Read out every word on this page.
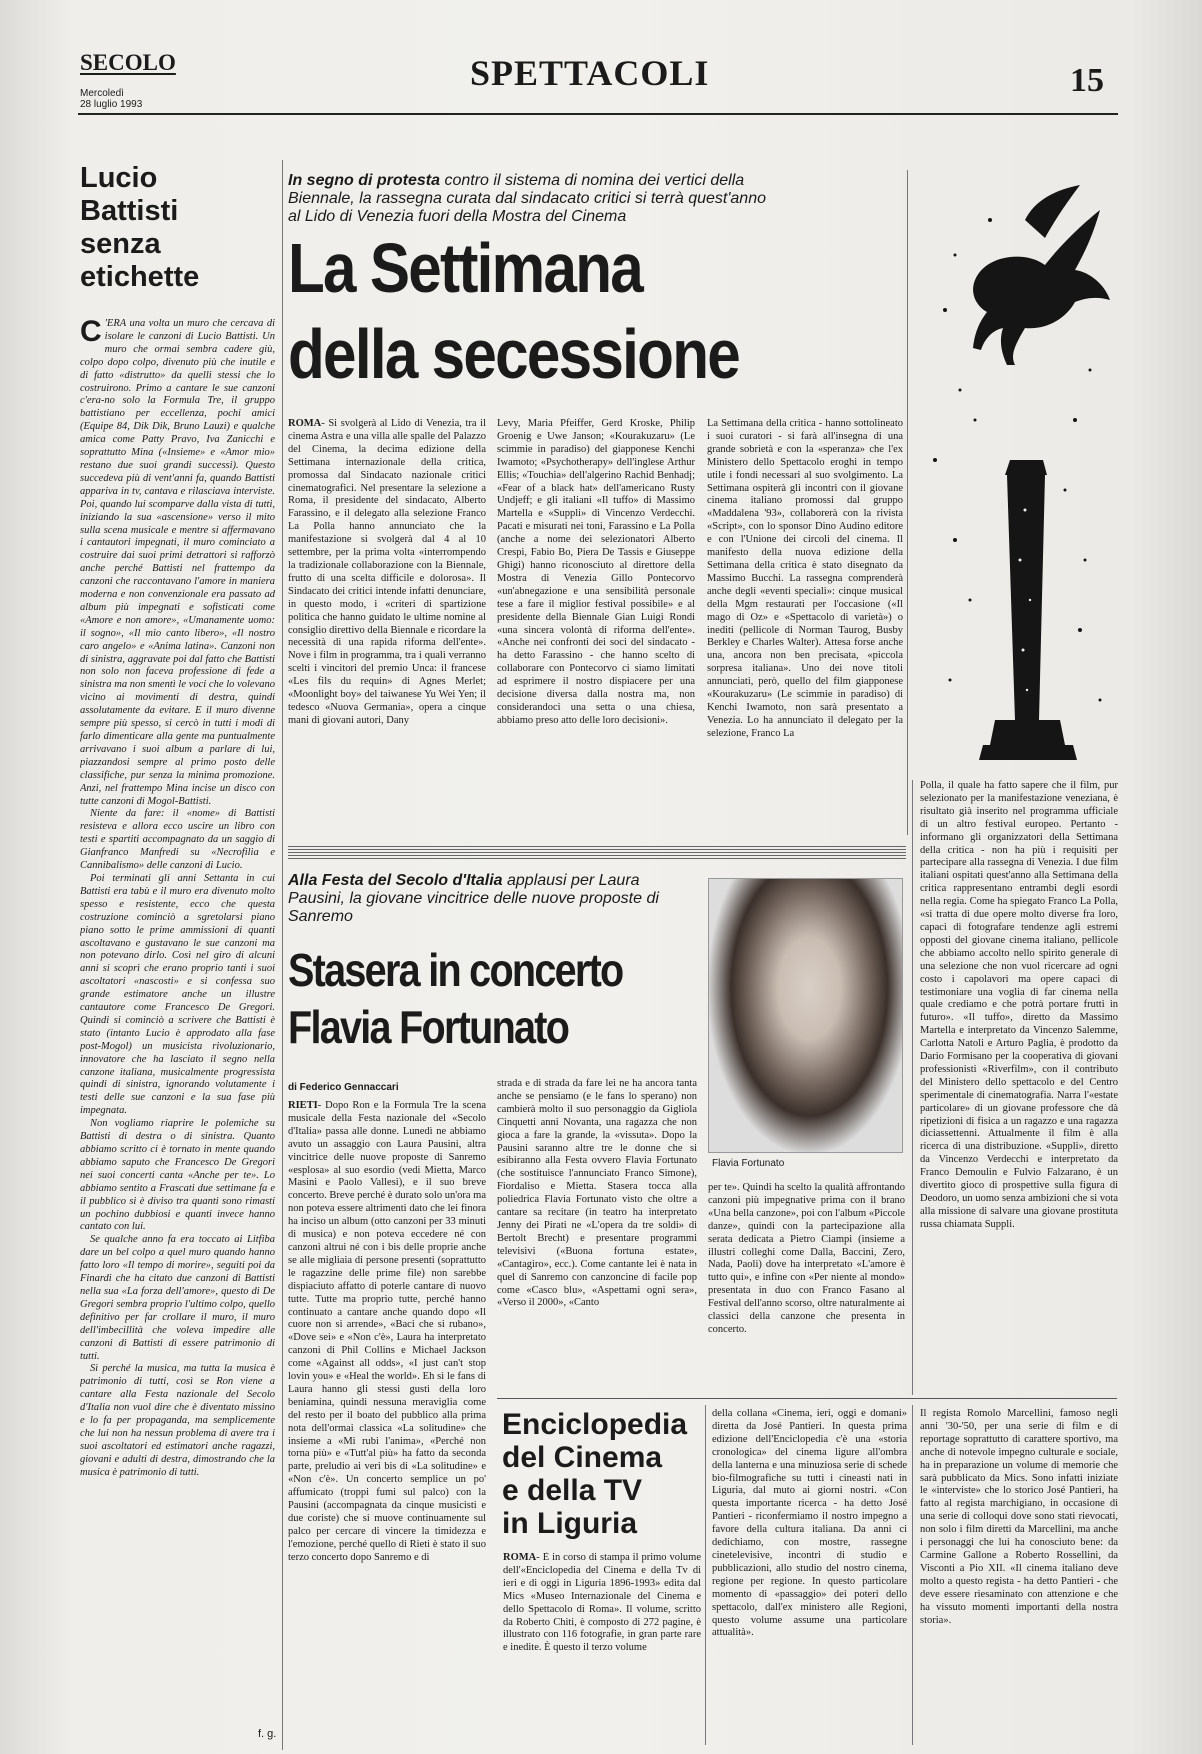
SECOLO
Mercoledì
28 luglio 1993
SPETTACOLI	15
Lucio
Battisti
senza
etichette

C 'ERA una volta un muro che cercava di isolare le canzoni di Lucio Battisti. Un muro che ormai sembra cadere giù, colpo dopo colpo, divenuto più che inutile e di fatto «distrutto» da quelli stessi che lo costruirono. Primo a cantare le sue canzoni c'era-no solo la Formula Tre, il gruppo battistiano per eccellenza, pochi amici (Equipe 84, Dik Dik, Bruno Lauzi) e qualche amica come Patty Pravo, Iva Zanicchi e soprattutto Mina («Insieme» e «Amor mio» restano due suoi grandi successi). Questo succedeva più di vent'anni fa, quando Battisti appariva in tv, cantava e rilasciava interviste. Poi, quando lui scomparve dalla vista di tutti, iniziando la sua «ascensione» verso il mito sulla scena musicale e mentre si affermavano i cantautori impegnati, il muro cominciato a costruire dai suoi primi detrattori si rafforzò anche perché Battisti nel frattempo da canzoni che raccontavano l'amore in maniera moderna e non convenzionale era passato ad album più impegnati e sofisticati come «Amore e non amore», «Umanamente uomo: il sogno», «Il mio canto libero», «Il nostro caro angelo» e «Anima latina». Canzoni non di sinistra, aggravate poi dal fatto che Battisti non solo non faceva professione di fede a sinistra ma non smentì le voci che lo volevano vicino ai movimenti di destra, quindi assolutamente da evitare. E il muro divenne sempre più spesso, si cercò in tutti i modi di farlo dimenticare alla gente ma puntualmente arrivavano i suoi album a parlare di lui, piazzandosi sempre al primo posto delle classifiche, pur senza la minima promozione. Anzi, nel frattempo Mina incise un disco con tutte canzoni di Mogol-Battisti.

Niente da fare: il «nome» di Battisti resisteva e allora ecco uscire un libro con testi e spartiti accompagnato da un saggio di Gianfranco Manfredi su «Necrofilia e Cannibalismo» delle canzoni di Lucio.

Poi terminati gli anni Settanta in cui Battisti era tabù e il muro era divenuto molto spesso e resistente, ecco che questa costruzione cominciò a sgretolarsi piano piano sotto le prime ammissioni di quanti ascoltavano e gustavano le sue canzoni ma non potevano dirlo. Così nel giro di alcuni anni si scoprì che erano proprio tanti i suoi ascoltatori «nascosti» e si confessa suo grande estimatore anche un illustre cantautore come Francesco De Gregori. Quindi si cominciò a scrivere che Battisti è stato (intanto Lucio è approdato alla fase post-Mogol) un musicista rivoluzionario, innovatore che ha lasciato il segno nella canzone italiana, musicalmente progressista quindi di sinistra, ignorando volutamente i testi delle sue canzoni e la sua fase più impegnata.

Non vogliamo riaprire le polemiche su Battisti di destra o di sinistra. Quanto abbiamo scritto ci è tornato in mente quando abbiamo saputo che Francesco De Gregori nei suoi concerti canta «Anche per te». Lo abbiamo sentito a Frascati due settimane fa e il pubblico si è diviso tra quanti sono rimasti un pochino dubbiosi e quanti invece hanno cantato con lui.

Se qualche anno fa era toccato ai Litfiba dare un bel colpo a quel muro quando hanno fatto loro «Il tempo di morire», seguiti poi da Finardi che ha citato due canzoni di Battisti nella sua «La forza dell'amore», questo di De Gregori sembra proprio l'ultimo colpo, quello definitivo per far crollare il muro, il muro dell'imbecillità che voleva impedire alle canzoni di Battisti di essere patrimonio di tutti.

Sì perché la musica, ma tutta la musica è patrimonio di tutti, così se Ron viene a cantare alla Festa nazionale del Secolo d'Italia non vuol dire che è diventato missino e lo fa per propaganda, ma semplicemente che lui non ha nessun problema di avere tra i suoi ascoltatori ed estimatori anche ragazzi, giovani e adulti di destra, dimostrando che la musica è patrimonio di tutti.

f. g.
In segno di protesta contro il sistema di nomina dei vertici della Biennale, la rassegna curata dal sindacato critici si terrà quest'anno al Lido di Venezia fuori della Mostra del Cinema
La Settimana
della secessione
ROMA- Si svolgerà al Lido di Venezia, tra il cinema Astra e una villa alle spalle del Palazzo del Cinema, la decima edizione della Settimana internazionale della critica, promossa dal Sindacato nazionale critici cinematografici. Nel presentare la selezione a Roma, il presidente del sindacato, Alberto Farassino, e il delegato alla selezione Franco La Polla hanno annunciato che la manifestazione si svolgerà dal 4 al 10 settembre, per la prima volta «interrompendo la tradizionale collaborazione con la Biennale, frutto di una scelta difficile e dolorosa». Il Sindacato dei critici intende infatti denunciare, in questo modo, i «criteri di spartizione politica che hanno guidato le ultime nomine al consiglio direttivo della Biennale e ricordare la necessità di una rapida riforma dell'ente». Nove i film in programma, tra i quali verranno scelti i vincitori del premio Unca: il francese «Les fils du requin» di Agnes Merlet; «Moonlight boy» del taiwanese Yu Wei Yen; il tedesco «Nuova Germania», opera a cinque mani di giovani autori, Dany
Levy, Maria Pfeiffer, Gerd Kroske, Philip Groenig e Uwe Janson; «Kourakuzaru» (Le scimmie in paradiso) del giapponese Kenchi Iwamoto; «Psychotherapy» dell'inglese Arthur Ellis; «Touchia» dell'algerino Rachid Benhadj; «Fear of a black hat» dell'americano Rusty Undjeff; e gli italiani «Il tuffo» di Massimo Martella e «Suppli» di Vincenzo Verdecchi. Pacati e misurati nei toni, Farassino e La Polla (anche a nome dei selezionatori Alberto Crespi, Fabio Bo, Piera De Tassis e Giuseppe Ghigi) hanno riconosciuto al direttore della Mostra di Venezia Gillo Pontecorvo «un'abnegazione e una sensibilità personale tese a fare il miglior festival possibile» e al presidente della Biennale Gian Luigi Rondi «una sincera volontà di riforma dell'ente». «Anche nei confronti dei soci del sindacato - ha detto Farassino - che hanno scelto di collaborare con Pontecorvo ci siamo limitati ad esprimere il nostro dispiacere per una decisione diversa dalla nostra ma, non considerandoci una setta o una chiesa, abbiamo preso atto delle loro decisioni».
La Settimana della critica - hanno sottolineato i suoi curatori - si farà all'insegna di una grande sobrietà e con la «speranza» che l'ex Ministero dello Spettacolo eroghi in tempo utile i fondi necessari al suo svolgimento. La Settimana ospiterà gli incontri con il giovane cinema italiano promossi dal gruppo «Maddalena '93», collaborerà con la rivista «Script», con lo sponsor Dino Audino editore e con l'Unione dei circoli del cinema. Il manifesto della nuova edizione della Settimana della critica è stato disegnato da Massimo Bucchi. La rassegna comprenderà anche degli «eventi speciali»: cinque musical della Mgm restaurati per l'occasione («Il mago di Oz» e «Spettacolo di varietà») o inediti (pellicole di Norman Taurog, Busby Berkley e Charles Walter). Attesa forse anche una, ancora non ben precisata, «piccola sorpresa italiana». Uno dei nove titoli annunciati, però, quello del film giapponese «Kourakuzaru» (Le scimmie in paradiso) di Kenchi Iwamoto, non sarà presentato a Venezia. Lo ha annunciato il delegato per la selezione, Franco La
Polla, il quale ha fatto sapere che il film, pur selezionato per la manifestazione veneziana, è risultato già inserito nel programma ufficiale di un altro festival europeo. Pertanto - informano gli organizzatori della Settimana della critica - non ha più i requisiti per partecipare alla rassegna di Venezia. I due film italiani ospitati quest'anno alla Settimana della critica rappresentano entrambi degli esordi nella regia. Come ha spiegato Franco La Polla, «si tratta di due opere molto diverse fra loro, capaci di fotografare tendenze agli estremi opposti del giovane cinema italiano, pellicole che abbiamo accolto nello spirito generale di una selezione che non vuol ricercare ad ogni costo i capolavori ma opere capaci di testimoniare una voglia di far cinema nella quale crediamo e che potrà portare frutti in futuro». «Il tuffo», diretto da Massimo Martella e interpretato da Vincenzo Salemme, Carlotta Natoli e Arturo Paglia, è prodotto da Dario Formisano per la cooperativa di giovani professionisti «Riverfilm», con il contributo del Ministero dello spettacolo e del Centro sperimentale di cinematografia. Narra l'«estate particolare» di un giovane professore che dà ripetizioni di fisica a un ragazzo e una ragazza diciassettenni. Attualmente il film è alla ricerca di una distribuzione. «Suppli», diretto da Vincenzo Verdecchi e interpretato da Franco Demoulin e Fulvio Falzarano, è un divertito gioco di prospettive sulla figura di Deodoro, un uomo senza ambizioni che si vota alla missione di salvare una giovane prostituta russa chiamata Suppli.
Alla Festa del Secolo d'Italia applausi per Laura Pausini, la giovane vincitrice delle nuove proposte di Sanremo
Stasera in concerto
Flavia Fortunato
Flavia Fortunato
di Federico Gennaccari
RIETI- Dopo Ron e la Formula Tre la scena musicale della Festa nazionale del «Secolo d'Italia» passa alle donne. Lunedì ne abbiamo avuto un assaggio con Laura Pausini, altra vincitrice delle nuove proposte di Sanremo «esplosa» al suo esordio (vedi Mietta, Marco Masini e Paolo Vallesi), e il suo breve concerto. Breve perché è durato solo un'ora ma non poteva essere altrimenti dato che lei finora ha inciso un album (otto canzoni per 33 minuti di musica) e non poteva eccedere né con canzoni altrui né con i bis delle proprie anche se alle migliaia di persone presenti (soprattutto le ragazzine delle prime file) non sarebbe dispiaciuto affatto di poterle cantare di nuovo tutte. Tutte ma proprio tutte, perché hanno continuato a cantare anche quando dopo «Il cuore non si arrende», «Baci che si rubano», «Dove sei» e «Non c'è», Laura ha interpretato canzoni di Phil Collins e Michael Jackson come «Against all odds», «I just can't stop lovin you» e «Heal the world». Eh sì le fans di Laura hanno gli stessi gusti della loro beniamina, quindi nessuna meraviglia come del resto per il boato del pubblico alla prima nota dell'ormai classica «La solitudine» che insieme a «Mi rubi l'anima», «Perché non torna più» e «Tutt'al più» ha fatto da seconda parte, preludio ai veri bis di «La solitudine» e «Non c'è». Un concerto semplice un po' affumicato (troppi fumi sul palco) con la Pausini (accompagnata da cinque musicisti e due coriste) che si muove continuamente sul palco per cercare di vincere la timidezza e l'emozione, perché quello di Rieti è stato il suo terzo concerto dopo Sanremo e di
strada e di strada da fare lei ne ha ancora tanta anche se pensiamo (e le fans lo sperano) non cambierà molto il suo personaggio da Gigliola Cinquetti anni Novanta, una ragazza che non gioca a fare la grande, la «vissuta». Dopo la Pausini saranno altre tre le donne che si esibiranno alla Festa ovvero Flavia Fortunato (che sostituisce l'annunciato Franco Simone), Fiordaliso e Mietta. Stasera tocca alla poliedrica Flavia Fortunato visto che oltre a cantare sa recitare (in teatro ha interpretato Jenny dei Pirati ne «L'opera da tre soldi» di Bertolt Brecht) e presentare programmi televisivi («Buona fortuna estate», «Cantagiro», ecc.). Come cantante lei è nata in quel di Sanremo con canzoncine di facile pop come «Casco blu», «Aspettami ogni sera», «Verso il 2000», «Canto
per te». Quindi ha scelto la qualità affrontando canzoni più impegnative prima con il brano «Una bella canzone», poi con l'album «Piccole danze», quindi con la partecipazione alla serata dedicata a Pietro Ciampi (insieme a illustri colleghi come Dalla, Baccini, Zero, Nada, Paoli) dove ha interpretato «L'amore è tutto qui», e infine con «Per niente al mondo» presentata in duo con Franco Fasano al Festival dell'anno scorso, oltre naturalmente ai classici della canzone che presenta in concerto.
Enciclopedia
del Cinema
e della TV
in Liguria
ROMA- È in corso di stampa il primo volume dell'«Enciclopedia del Cinema e della Tv di ieri e di oggi in Liguria 1896-1993» edita dal Mics «Museo Internazionale del Cinema e dello Spettacolo di Roma». Il volume, scritto da Roberto Chiti, è composto di 272 pagine, è illustrato con 116 fotografie, in gran parte rare e inedite. È questo il terzo volume
della collana «Cinema, ieri, oggi e domani» diretta da José Pantieri. In questa prima edizione dell'Enciclopedia c'è una «storia cronologica» del cinema ligure all'ombra della lanterna e una minuziosa serie di schede bio-filmografiche su tutti i cineasti nati in Liguria, dal muto ai giorni nostri. «Con questa importante ricerca - ha detto José Pantieri - riconfermiamo il nostro impegno a favore della cultura italiana. Da anni ci dedichiamo, con mostre, rassegne cinetelevisive, incontri di studio e pubblicazioni, allo studio del nostro cinema, regione per regione. In questo particolare momento di «passaggio» dei poteri dello spettacolo, dall'ex ministero alle Regioni, questo volume assume una particolare attualità».
Il regista Romolo Marcellini, famoso negli anni '30-'50, per una serie di film e di reportage soprattutto di carattere sportivo, ma anche di notevole impegno culturale e sociale, ha in preparazione un volume di memorie che sarà pubblicato da Mics. Sono infatti iniziate le «interviste» che lo storico José Pantieri, ha fatto al regista marchigiano, in occasione di una serie di colloqui dove sono stati rievocati, non solo i film diretti da Marcellini, ma anche i personaggi che lui ha conosciuto bene: da Carmine Gallone a Roberto Rossellini, da Visconti a Pio XII. «Il cinema italiano deve molto a questo regista - ha detto Pantieri - che deve essere riesaminato con attenzione e che ha vissuto momenti importanti della nostra storia».
